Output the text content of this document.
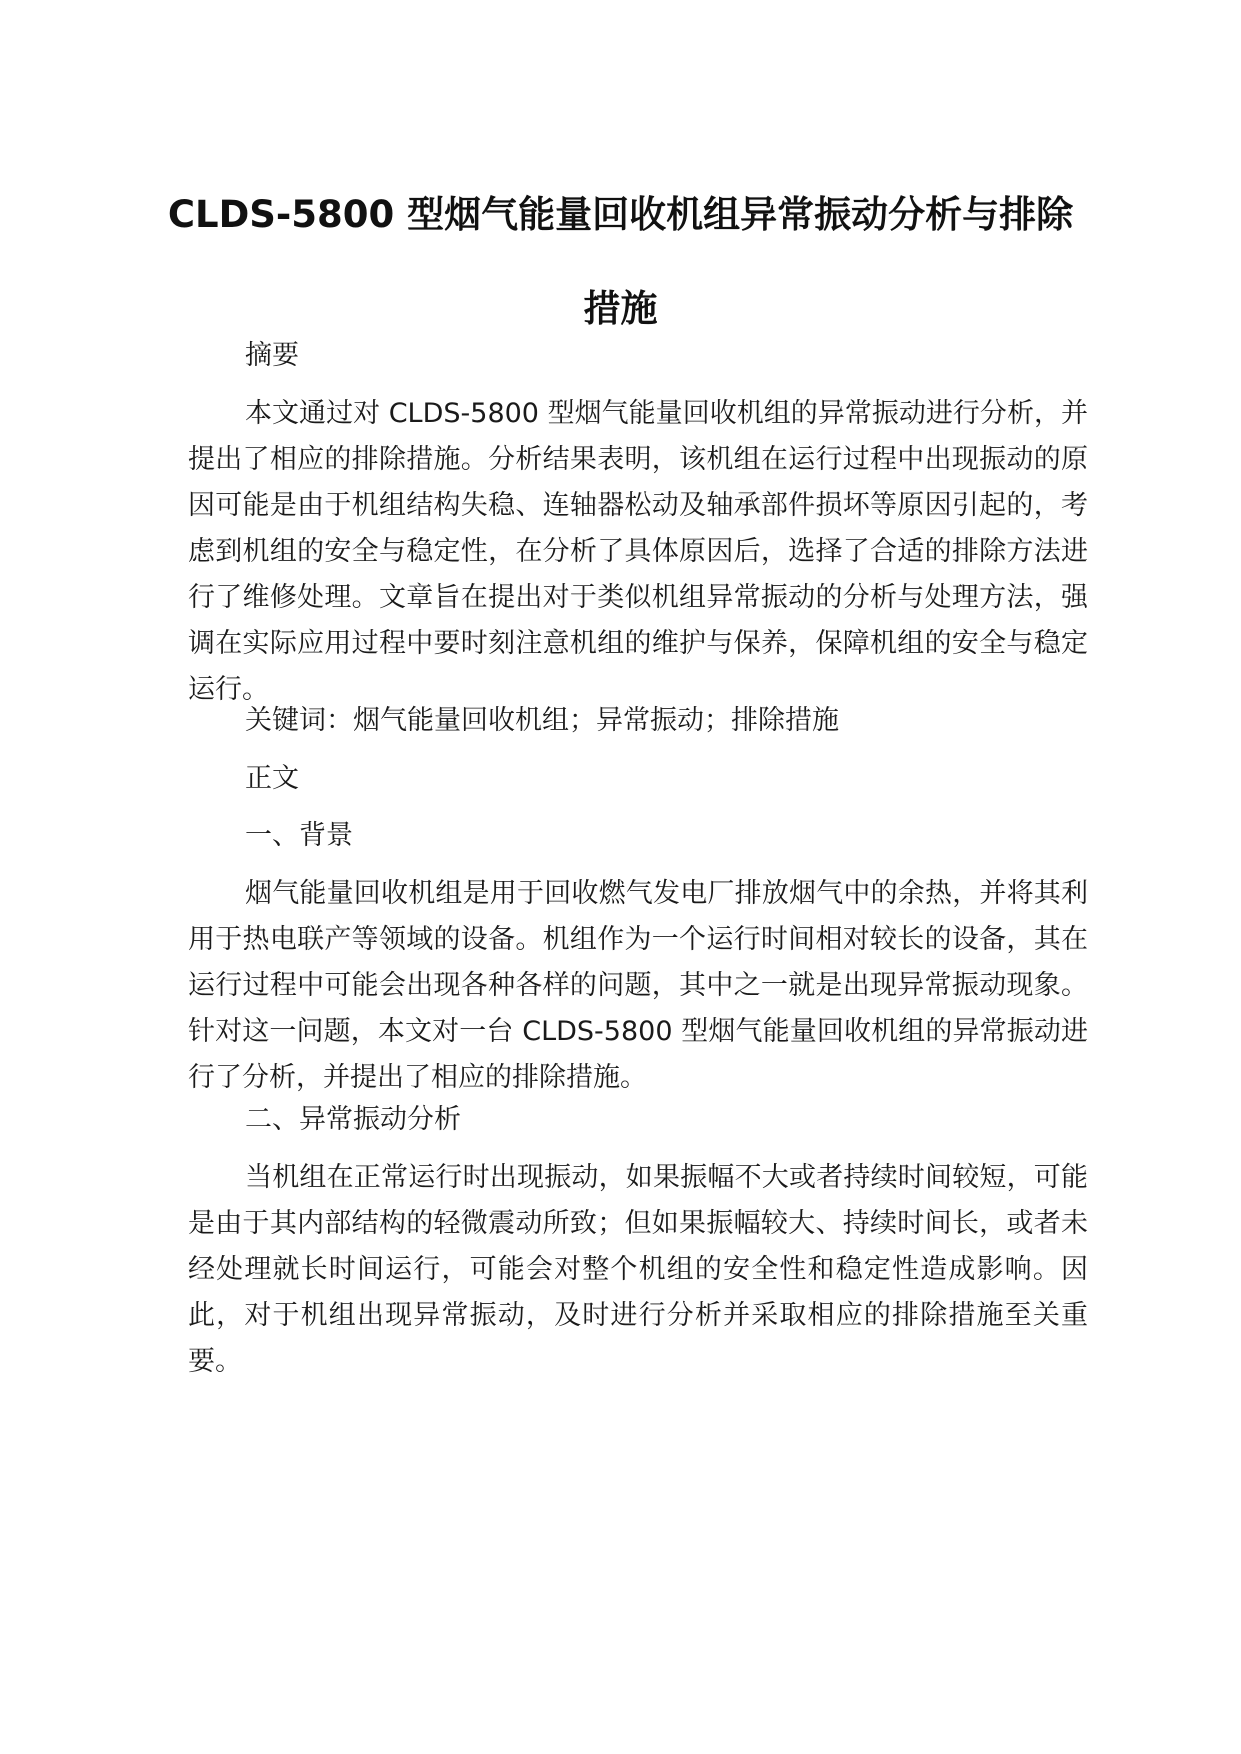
CLDS-5800 型烟气能量回收机组异常振动分析与排除措施

摘要

本文通过对 CLDS-5800 型烟气能量回收机组的异常振动进行分析，并提出了相应的排除措施。分析结果表明，该机组在运行过程中出现振动的原因可能是由于机组结构失稳、连轴器松动及轴承部件损坏等原因引起的，考虑到机组的安全与稳定性，在分析了具体原因后，选择了合适的排除方法进行了维修处理。文章旨在提出对于类似机组异常振动的分析与处理方法，强调在实际应用过程中要时刻注意机组的维护与保养，保障机组的安全与稳定运行。

关键词：烟气能量回收机组；异常振动；排除措施

正文

一、背景

烟气能量回收机组是用于回收燃气发电厂排放烟气中的余热，并将其利用于热电联产等领域的设备。机组作为一个运行时间相对较长的设备，其在运行过程中可能会出现各种各样的问题，其中之一就是出现异常振动现象。针对这一问题，本文对一台 CLDS-5800 型烟气能量回收机组的异常振动进行了分析，并提出了相应的排除措施。

二、异常振动分析

当机组在正常运行时出现振动，如果振幅不大或者持续时间较短，可能是由于其内部结构的轻微震动所致；但如果振幅较大、持续时间长，或者未经处理就长时间运行，可能会对整个机组的安全性和稳定性造成影响。因此，对于机组出现异常振动，及时进行分析并采取相应的排除措施至关重要。
